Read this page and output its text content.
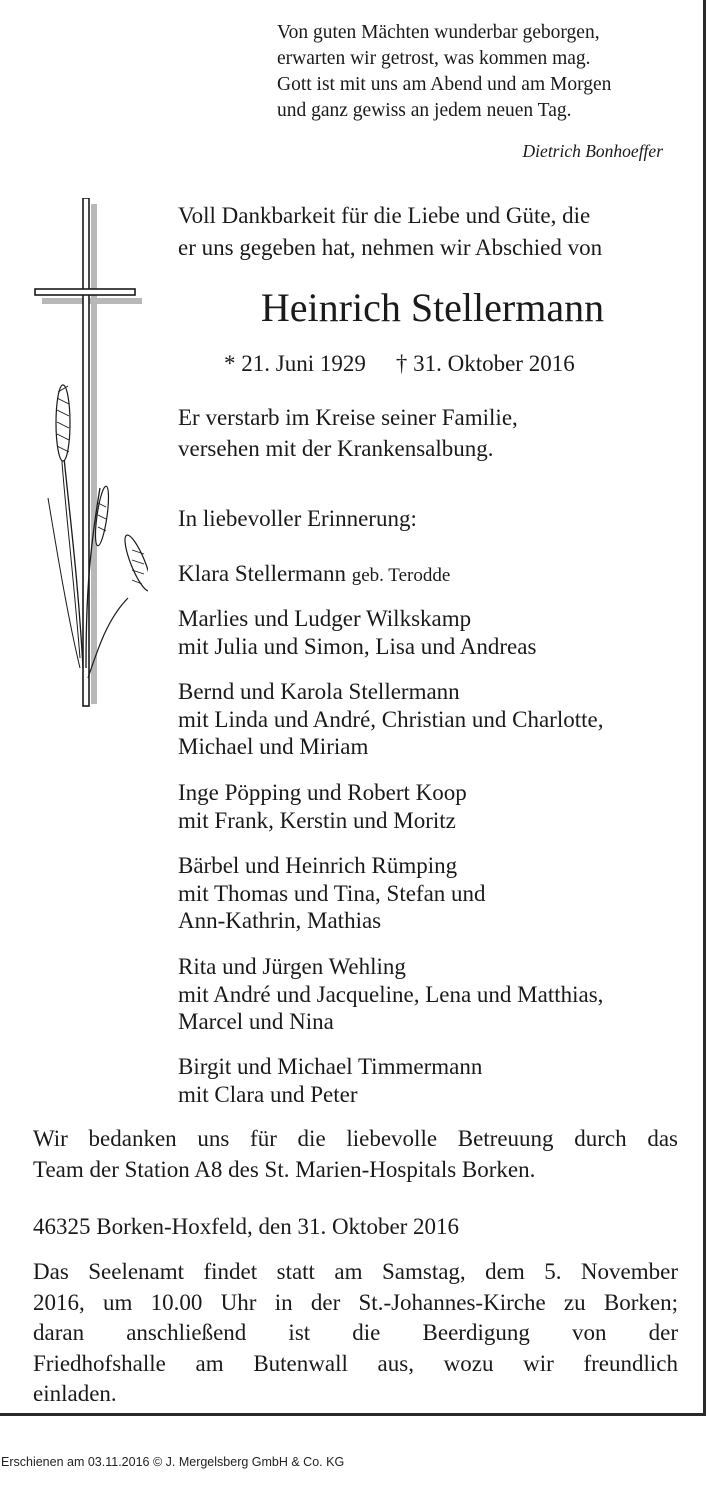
Von guten Mächten wunderbar geborgen,
erwarten wir getrost, was kommen mag.
Gott ist mit uns am Abend und am Morgen
und ganz gewiss an jedem neuen Tag.
Dietrich Bonhoeffer
Voll Dankbarkeit für die Liebe und Güte, die
er uns gegeben hat, nehmen wir Abschied von
Heinrich Stellermann
* 21. Juni 1929 † 31. Oktober 2016
Er verstarb im Kreise seiner Familie,
versehen mit der Krankensalbung.
In liebevoller Erinnerung:
Klara Stellermann geb. Terodde
Marlies und Ludger Wilkskamp
mit Julia und Simon, Lisa und Andreas
Bernd und Karola Stellermann
mit Linda und André, Christian und Charlotte,
Michael und Miriam
Inge Pöpping und Robert Koop
mit Frank, Kerstin und Moritz
Bärbel und Heinrich Rümping
mit Thomas und Tina, Stefan und
Ann-Kathrin, Mathias
Rita und Jürgen Wehling
mit André und Jacqueline, Lena und Matthias,
Marcel und Nina
Birgit und Michael Timmermann
mit Clara und Peter
Wir bedanken uns für die liebevolle Betreuung durch das
Team der Station A8 des St. Marien-Hospitals Borken.
46325 Borken-Hoxfeld, den 31. Oktober 2016
Das Seelenamt findet statt am Samstag, dem 5. November
2016, um 10.00 Uhr in der St.-Johannes-Kirche zu Borken;
daran anschließend ist die Beerdigung von der
Friedhofshalle am Butenwall aus, wozu wir freundlich
einladen.
Erschienen am 03.11.2016 © J. Mergelsberg GmbH & Co. KG
